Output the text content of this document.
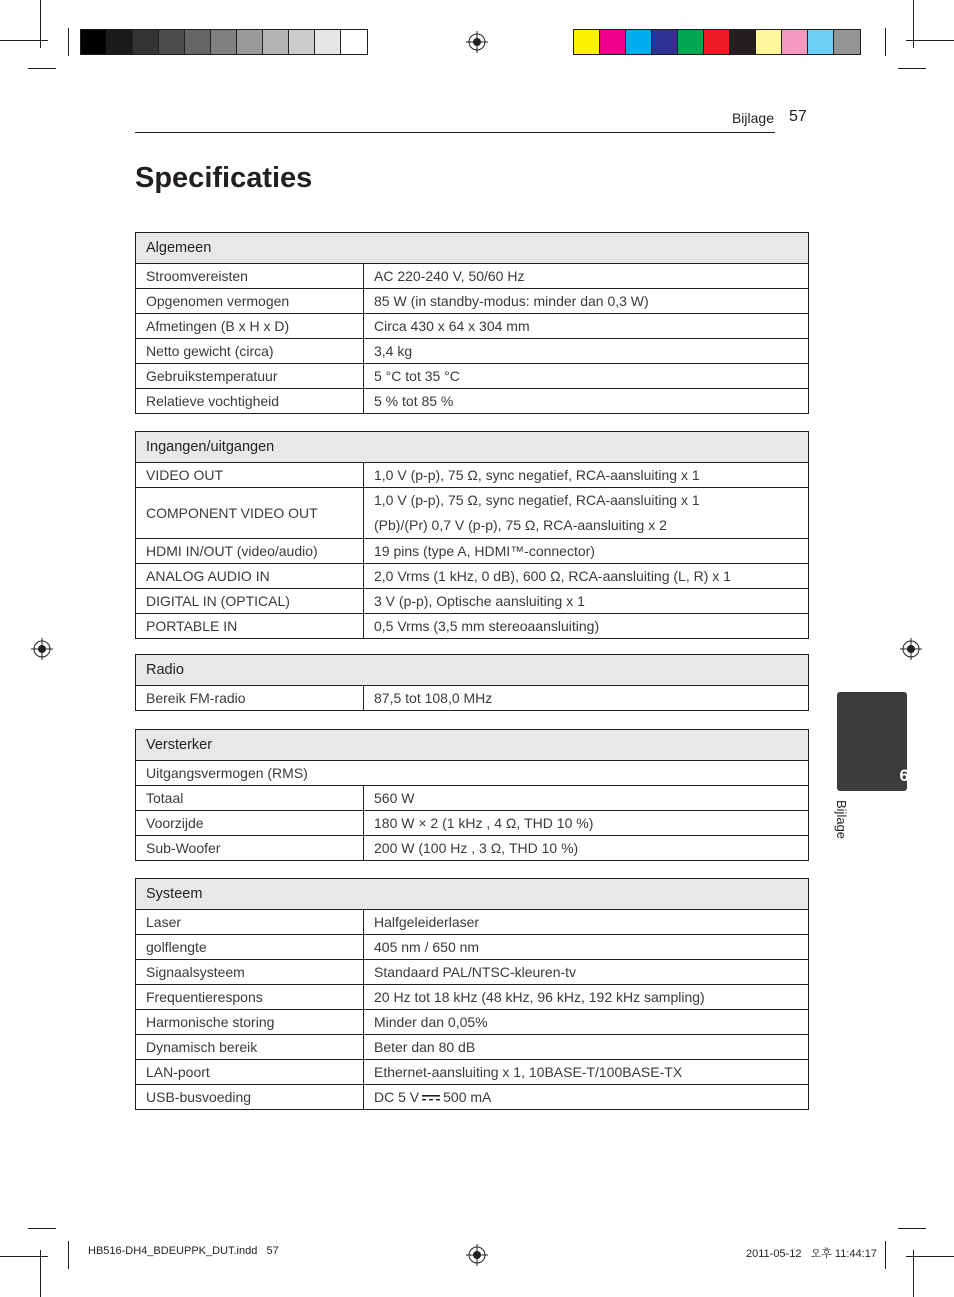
Bijlage 57
Specificaties
Algemeen	
Stroomvereisten	AC 220-240 V, 50/60 Hz
Opgenomen vermogen	85 W (in standby-modus: minder dan 0,3 W)
Afmetingen (B x H x D)	Circa 430 x 64 x 304 mm
Netto gewicht (circa)	3,4 kg
Gebruikstemperatuur	5 °C tot 35 °C
Relatieve vochtigheid	5 % tot 85 %
Ingangen/uitgangen	
VIDEO OUT	1,0 V (p-p), 75 Ω, sync negatief, RCA-aansluiting x 1
COMPONENT VIDEO OUT	1,0 V (p-p), 75 Ω, sync negatief, RCA-aansluiting x 1
(Pb)/(Pr) 0,7 V (p-p), 75 Ω, RCA-aansluiting x 2

HDMI IN/OUT (video/audio)	19 pins (type A, HDMI™-connector)
ANALOG AUDIO IN	2,0 Vrms (1 kHz, 0 dB), 600 Ω, RCA-aansluiting (L, R) x 1
DIGITAL IN (OPTICAL)	3 V (p-p), Optische aansluiting x 1
PORTABLE IN	0,5 Vrms (3,5 mm stereoaansluiting)
Radio
Bereik FM-radio	87,5 tot 108,0 MHz
Versterker	
Uitgangsvermogen (RMS)	
Totaal	560 W
Voorzijde	180 W × 2 (1 kHz , 4 Ω, THD 10 %)
Sub-Woofer	200 W (100 Hz , 3 Ω, THD 10 %)
Systeem	
Laser	Halfgeleiderlaser
golflengte	405 nm / 650 nm
Signaalsysteem	Standaard PAL/NTSC-kleuren-tv
Frequentierespons	20 Hz tot 18 kHz (48 kHz, 96 kHz, 192 kHz sampling)
Harmonische storing	Minder dan 0,05%
Dynamisch bereik	Beter dan 80 dB
LAN-poort	Ethernet-aansluiting x 1, 10BASE-T/100BASE-TX
USB-busvoeding	DC 5 V 500 mA
6
Bijlage
HB516-DH4_BDEUPPK_DUT.indd   57	2011-05-12   오후 11:44:17
